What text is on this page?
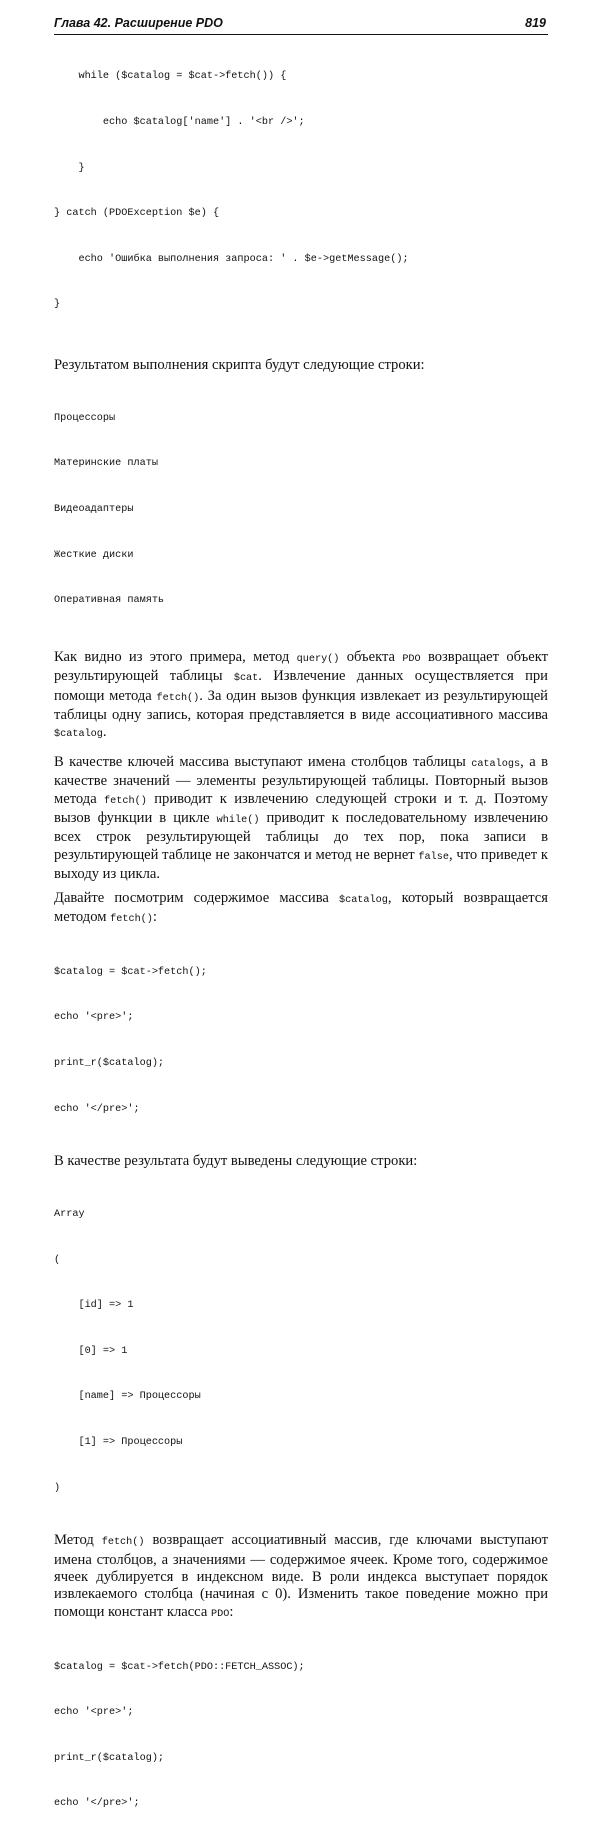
Глава 42. Расширение PDO	819

while ($catalog = $cat->fetch()) {

echo $catalog['name'] . '<br />';

}

} catch (PDOException $e) {

echo 'Ошибка выполнения запроса: ' . $e->getMessage();

}

Результатом выполнения скрипта будут следующие строки:

Процессоры

Материнские платы

Видеоадаптеры

Жесткие диски

Оперативная память

Как видно из этого примера, метод query() объекта PDO возвращает объект результирующей таблицы $cat. Извлечение данных осуществляется при помощи метода fetch(). За один вызов функция извлекает из результирующей таблицы одну запись, которая представляется в виде ассоциативного массива $catalog.

В качестве ключей массива выступают имена столбцов таблицы catalogs, а в качестве значений — элементы результирующей таблицы. Повторный вызов метода fetch() приводит к извлечению следующей строки и т. д. Поэтому вызов функции в цикле while() приводит к последовательному извлечению всех строк результирующей таблицы до тех пор, пока записи в результирующей таблице не закончатся и метод не вернет false, что приведет к выходу из цикла.

Давайте посмотрим содержимое массива $catalog, который возвращается методом fetch():

$catalog = $cat->fetch();

echo '<pre>';

print_r($catalog);

echo '</pre>';

В качестве результата будут выведены следующие строки:

Array

(

[id] => 1

[0] => 1

[name] => Процессоры

[1] => Процессоры

)

Метод fetch() возвращает ассоциативный массив, где ключами выступают имена столбцов, а значениями — содержимое ячеек. Кроме того, содержимое ячеек дублируется в индексном виде. В роли индекса выступает порядок извлекаемого столбца (начиная с 0). Изменить такое поведение можно при помощи констант класса PDO:

$catalog = $cat->fetch(PDO::FETCH_ASSOC);

echo '<pre>';

print_r($catalog);

echo '</pre>';
